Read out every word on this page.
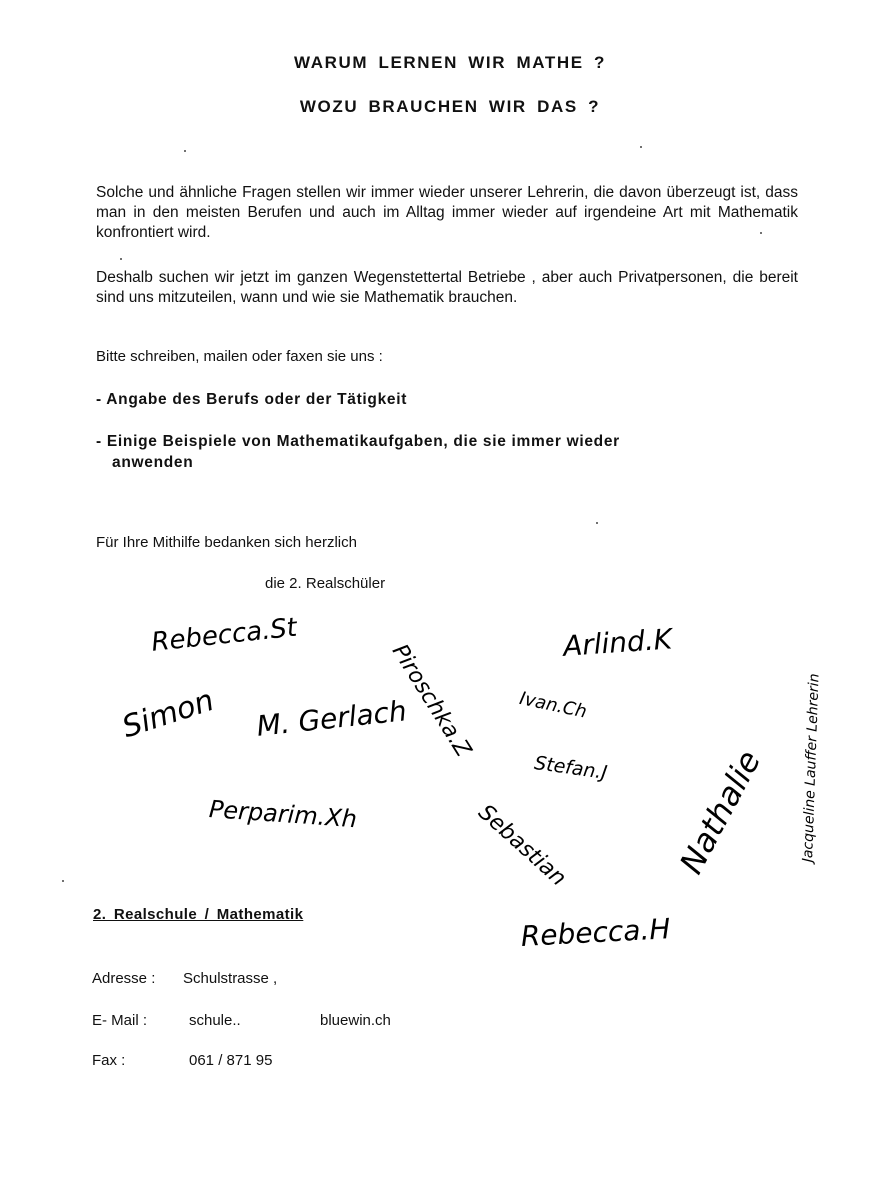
WARUM LERNEN WIR MATHE ?
WOZU BRAUCHEN WIR DAS ?
Solche und ähnliche Fragen stellen wir immer wieder unserer Lehrerin, die davon überzeugt ist, dass man in den meisten Berufen und auch im Alltag immer wieder auf irgendeine Art mit Mathematik konfrontiert wird.
Deshalb suchen wir jetzt im ganzen Wegenstettertal Betriebe , aber auch Privatpersonen, die bereit sind uns mitzuteilen, wann und wie sie Mathematik brauchen.
Bitte schreiben, mailen oder faxen sie uns :
- Angabe des Berufs oder der Tätigkeit
- Einige Beispiele von Mathematikaufgaben, die sie immer wieder
anwenden
Für Ihre Mithilfe bedanken sich herzlich
die 2. Realschüler
Rebecca.St	Arlind.K
Piroschka.Z
Simon M. Gerlach	Ivan.Ch
Stefan.J Nathalie Jacqueline Lauffer Lehrerin
Perparim.Xh	Sebastian
Rebecca.H
2. Realschule / Mathematik
Adresse : Schulstrasse ,
E- Mail :	schule..	bluewin.ch
Fax :	061 / 871 95
